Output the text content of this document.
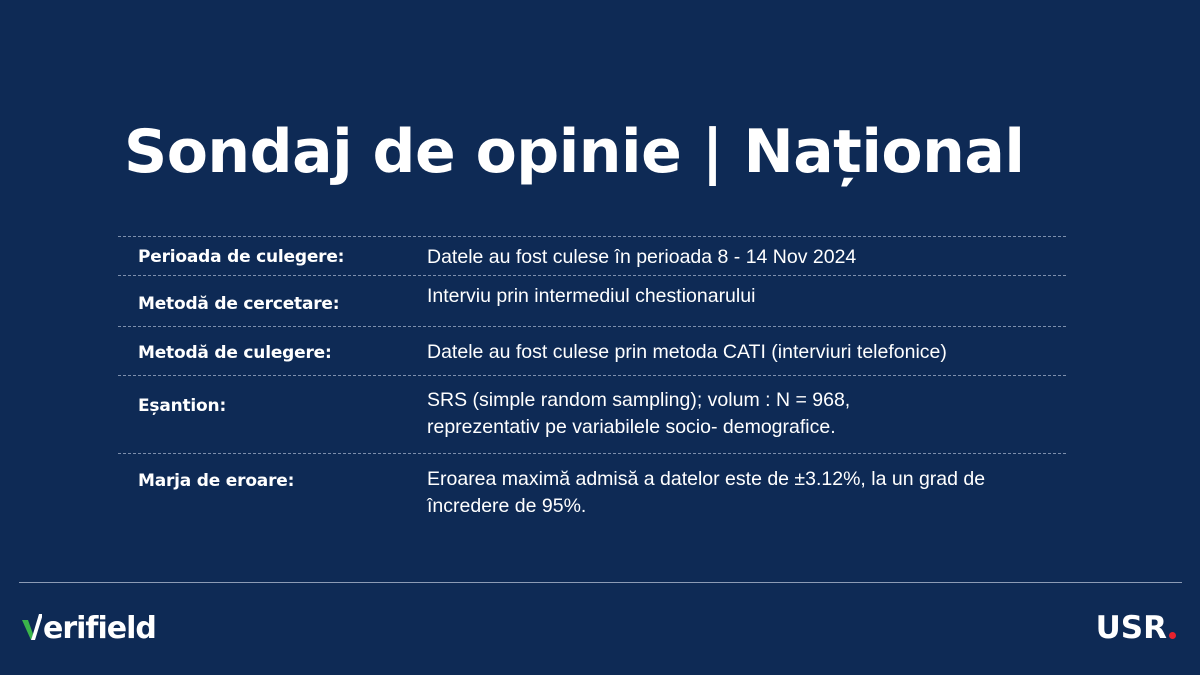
Sondaj de opinie | Național
Perioada de culegere:	Datele au fost culese în perioada 8 - 14 Nov 2024
Metodă de cercetare:	Interviu prin intermediul chestionarului
Metodă de culegere:	Datele au fost culese prin metoda CATI (interviuri telefonice)
Eșantion:	SRS (simple random sampling); volum : N = 968, reprezentativ pe variabilele socio- demografice.
Marja de eroare:	Eroarea maximă admisă a datelor este de ±3.12%, la un grad de încredere de 95%.
erifield	USR
